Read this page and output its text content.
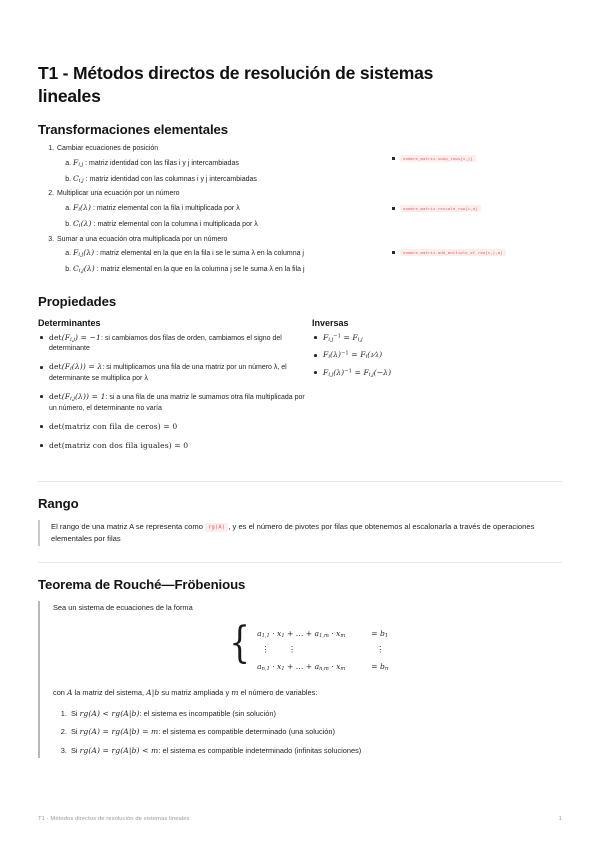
T1 - Métodos directos de resolución de sistemas lineales
Transformaciones elementales
1. Cambiar ecuaciones de posición
a. $F_{i,j}$ : matriz identidad con las filas i y j intercambiadas
b. $C_{i,j}$ : matriz identidad con las columnas i y j intercambiadas
2. Multiplicar una ecuación por un número
a. $F_i(\lambda)$ : matriz elemental con la fila i multiplicada por λ
b. $C_i(\lambda)$ : matriz elemental con la columna i multiplicada por λ
3. Sumar a una ecuación otra multiplicada por un número
a. $F_{i,j}(\lambda)$ : matriz elemental en la que en la fila i se le suma λ en la columna j
b. $C_{i,j}(\lambda)$ : matriz elemental en la que en la columna j se le suma λ en la fila j
nombre_matriz.swap_rows[i,j]
nombre_matriz.rescale_row[i,a]
nombre_matriz.add_multiple_of_row[i,j,a]
Propiedades
Determinantes
$\det(F_{i,j}) = -1$: si cambiamos dos filas de orden, cambiamos el signo del determinante
$\det(F_i(\lambda)) = \lambda$: si multiplicamos una fila de una matriz por un número λ, el determinante se multiplica por λ
$\det(F_{i,j}(\lambda)) = 1$: si a una fila de una matriz le sumamos otra fila multiplicada por un número, el determinante no varía
det(matriz con fila de ceros) = 0
det(matriz con dos fila iguales) = 0
Inversas
$F_{i,j}^{-1} = F_{i,j}$
$F_i(\lambda)^{-1}$ = $F_i(1⁄\lambda)$
$F_{i,j}(\lambda)^{-1} = F_{i,j}(-\lambda)$
Rango

El rango de una matriz A se representa como rg(A) , y es el número de pivotes por filas que obtenemos al escalonarla a través de operaciones elementales por filas

Teorema de Rouché—Fröbenious

Sea un sistema de ecuaciones de la forma

{ $a_{1,1} \cdot x_1$ + … + $a_{1,m} \cdot x_m$	= $b_1$
⋮ ⋮	⋮
$a_{n,1} \cdot x_1$ + … + $a_{n,m} \cdot x_m$	= $b_n$

con A la matriz del sistema, A|b su matriz ampliada y m el número de variables:

1. Si rg(A) < rg(A|b): el sistema es incompatible (sin solución)
2. Si rg(A) = rg(A|b) = m: el sistema es compatible determinado (una solución)
3. Si rg(A) = rg(A|b) < m: el sistema es compatible indeterminado (infinitas soluciones)
T1 - Métodos directos de resolución de sistemas lineales	1
